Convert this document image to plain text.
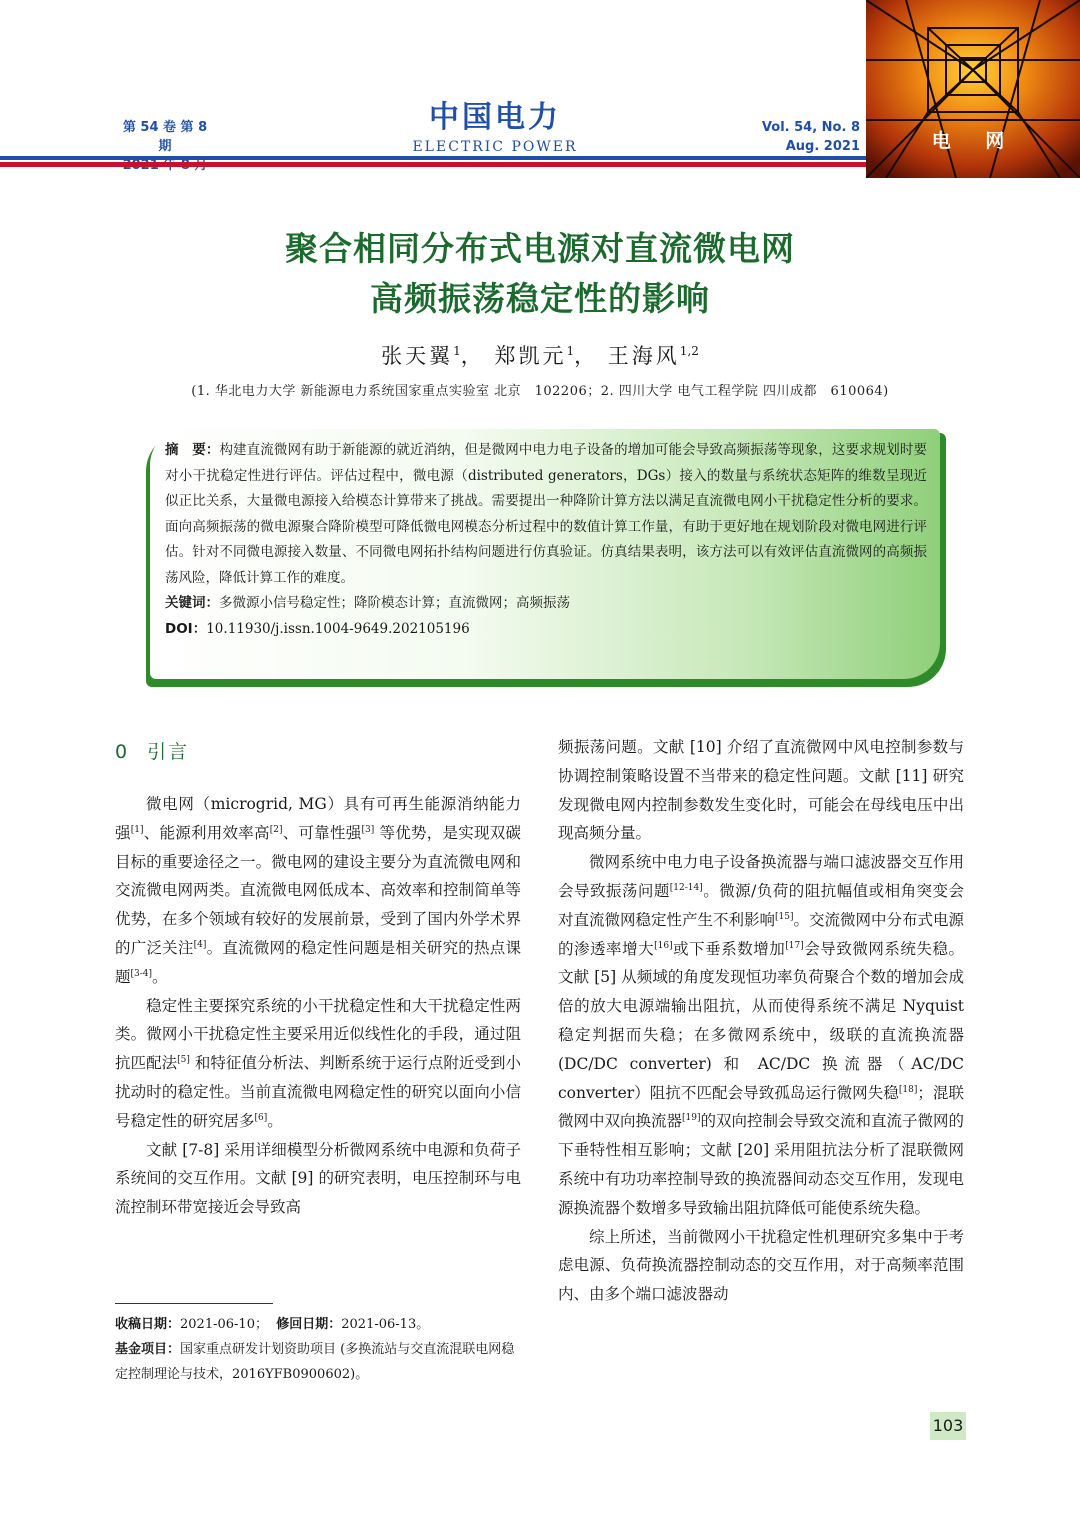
第 54 卷 第 8 期
中国电力
ELECTRIC POWER
Vol. 54, No. 8
Aug. 2021	电 网
聚合相同分布式电源对直流微电网
高频振荡稳定性的影响
张天翼$^1$， 郑凯元$^1$， 王海风$^{1,2}$
(1. 华北电力大学 新能源电力系统国家重点实验室 北京　102206；2. 四川大学 电气工程学院 四川成都　610064)

摘　要：构建直流微网有助于新能源的就近消纳，但是微网中电力电子设备的增加可能会导致高频振荡等现象，这要求规划时要对小干扰稳定性进行评估。评估过程中，微电源（distributed generators，DGs）接入的数量与系统状态矩阵的维数呈现近似正比关系，大量微电源接入给模态计算带来了挑战。需要提出一种降阶计算方法以满足直流微电网小干扰稳定性分析的要求。面向高频振荡的微电源聚合降阶模型可降低微电网模态分析过程中的数值计算工作量，有助于更好地在规划阶段对微电网进行评估。针对不同微电源接入数量、不同微电网拓扑结构问题进行仿真验证。仿真结果表明，该方法可以有效评估直流微网的高频振荡风险，降低计算工作的难度。

关键词：多微源小信号稳定性；降阶模态计算；直流微网；高频振荡

DOI：10.11930/j.issn.1004-9649.202105196

0 引言

微电网（microgrid, MG）具有可再生能源消纳能力强[1]、能源利用效率高[2]、可靠性强[3] 等优势，是实现双碳目标的重要途径之一。微电网的建设主要分为直流微电网和交流微电网两类。直流微电网低成本、高效率和控制简单等优势，在多个领域有较好的发展前景，受到了国内外学术界的广泛关注[4]。直流微网的稳定性问题是相关研究的热点课题[3-4]。

稳定性主要探究系统的小干扰稳定性和大干扰稳定性两类。微网小干扰稳定性主要采用近似线性化的手段，通过阻抗匹配法[5] 和特征值分析法、判断系统于运行点附近受到小扰动时的稳定性。当前直流微电网稳定性的研究以面向小信号稳定性的研究居多[6]。

文献 [7-8] 采用详细模型分析微网系统中电源和负荷子系统间的交互作用。文献 [9] 的研究表明，电压控制环与电流控制环带宽接近会导致高

频振荡问题。文献 [10] 介绍了直流微网中风电控制参数与协调控制策略设置不当带来的稳定性问题。文献 [11] 研究发现微电网内控制参数发生变化时，可能会在母线电压中出现高频分量。

微网系统中电力电子设备换流器与端口滤波器交互作用会导致振荡问题[12-14]。微源/负荷的阻抗幅值或相角突变会对直流微网稳定性产生不利影响[15]。交流微网中分布式电源的渗透率增大[16]或下垂系数增加[17]会导致微网系统失稳。文献 [5] 从频域的角度发现恒功率负荷聚合个数的增加会成倍的放大电源端输出阻抗，从而使得系统不满足 Nyquist 稳定判据而失稳；在多微网系统中，级联的直流换流器 (DC/DC converter) 和 AC/DC 换流器（AC/DC converter）阻抗不匹配会导致孤岛运行微网失稳[18]；混联微网中双向换流器[19]的双向控制会导致交流和直流子微网的下垂特性相互影响；文献 [20] 采用阻抗法分析了混联微网系统中有功功率控制导致的换流器间动态交互作用，发现电源换流器个数增多导致输出阻抗降低可能使系统失稳。

综上所述，当前微网小干扰稳定性机理研究多集中于考虑电源、负荷换流器控制动态的交互作用，对于高频率范围内、由多个端口滤波器动

收稿日期：2021-06-10； 修回日期：2021-06-13。

基金项目：国家重点研发计划资助项目 (多换流站与交直流混联电网稳定控制理论与技术，2016YFB0900602)。

103
